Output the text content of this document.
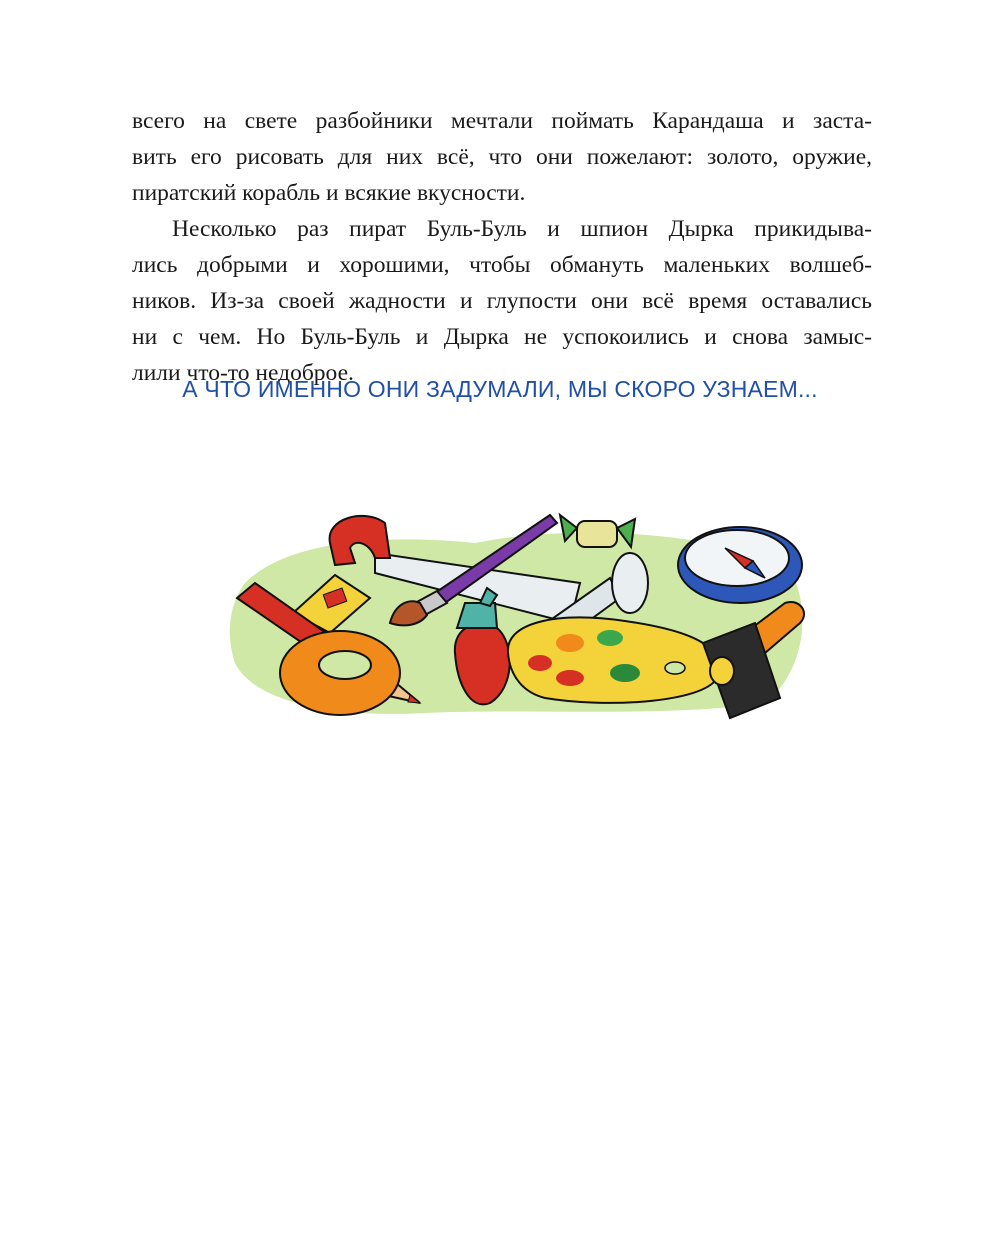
всего на свете разбойники мечтали поймать Карандаша и заста-
вить его рисовать для них всё, что они пожелают: золото, оружие,
пиратский корабль и всякие вкусности.
Несколько раз пират Буль-Буль и шпион Дырка прикидыва-
лись добрыми и хорошими, чтобы обмануть маленьких волшеб-
ников. Из-за своей жадности и глупости они всё время оставались
ни с чем. Но Буль-Буль и Дырка не успокоились и снова замыс-
лили что-то недоброе.
А ЧТО ИМЕННО ОНИ ЗАДУМАЛИ, МЫ СКОРО УЗНАЕМ...
